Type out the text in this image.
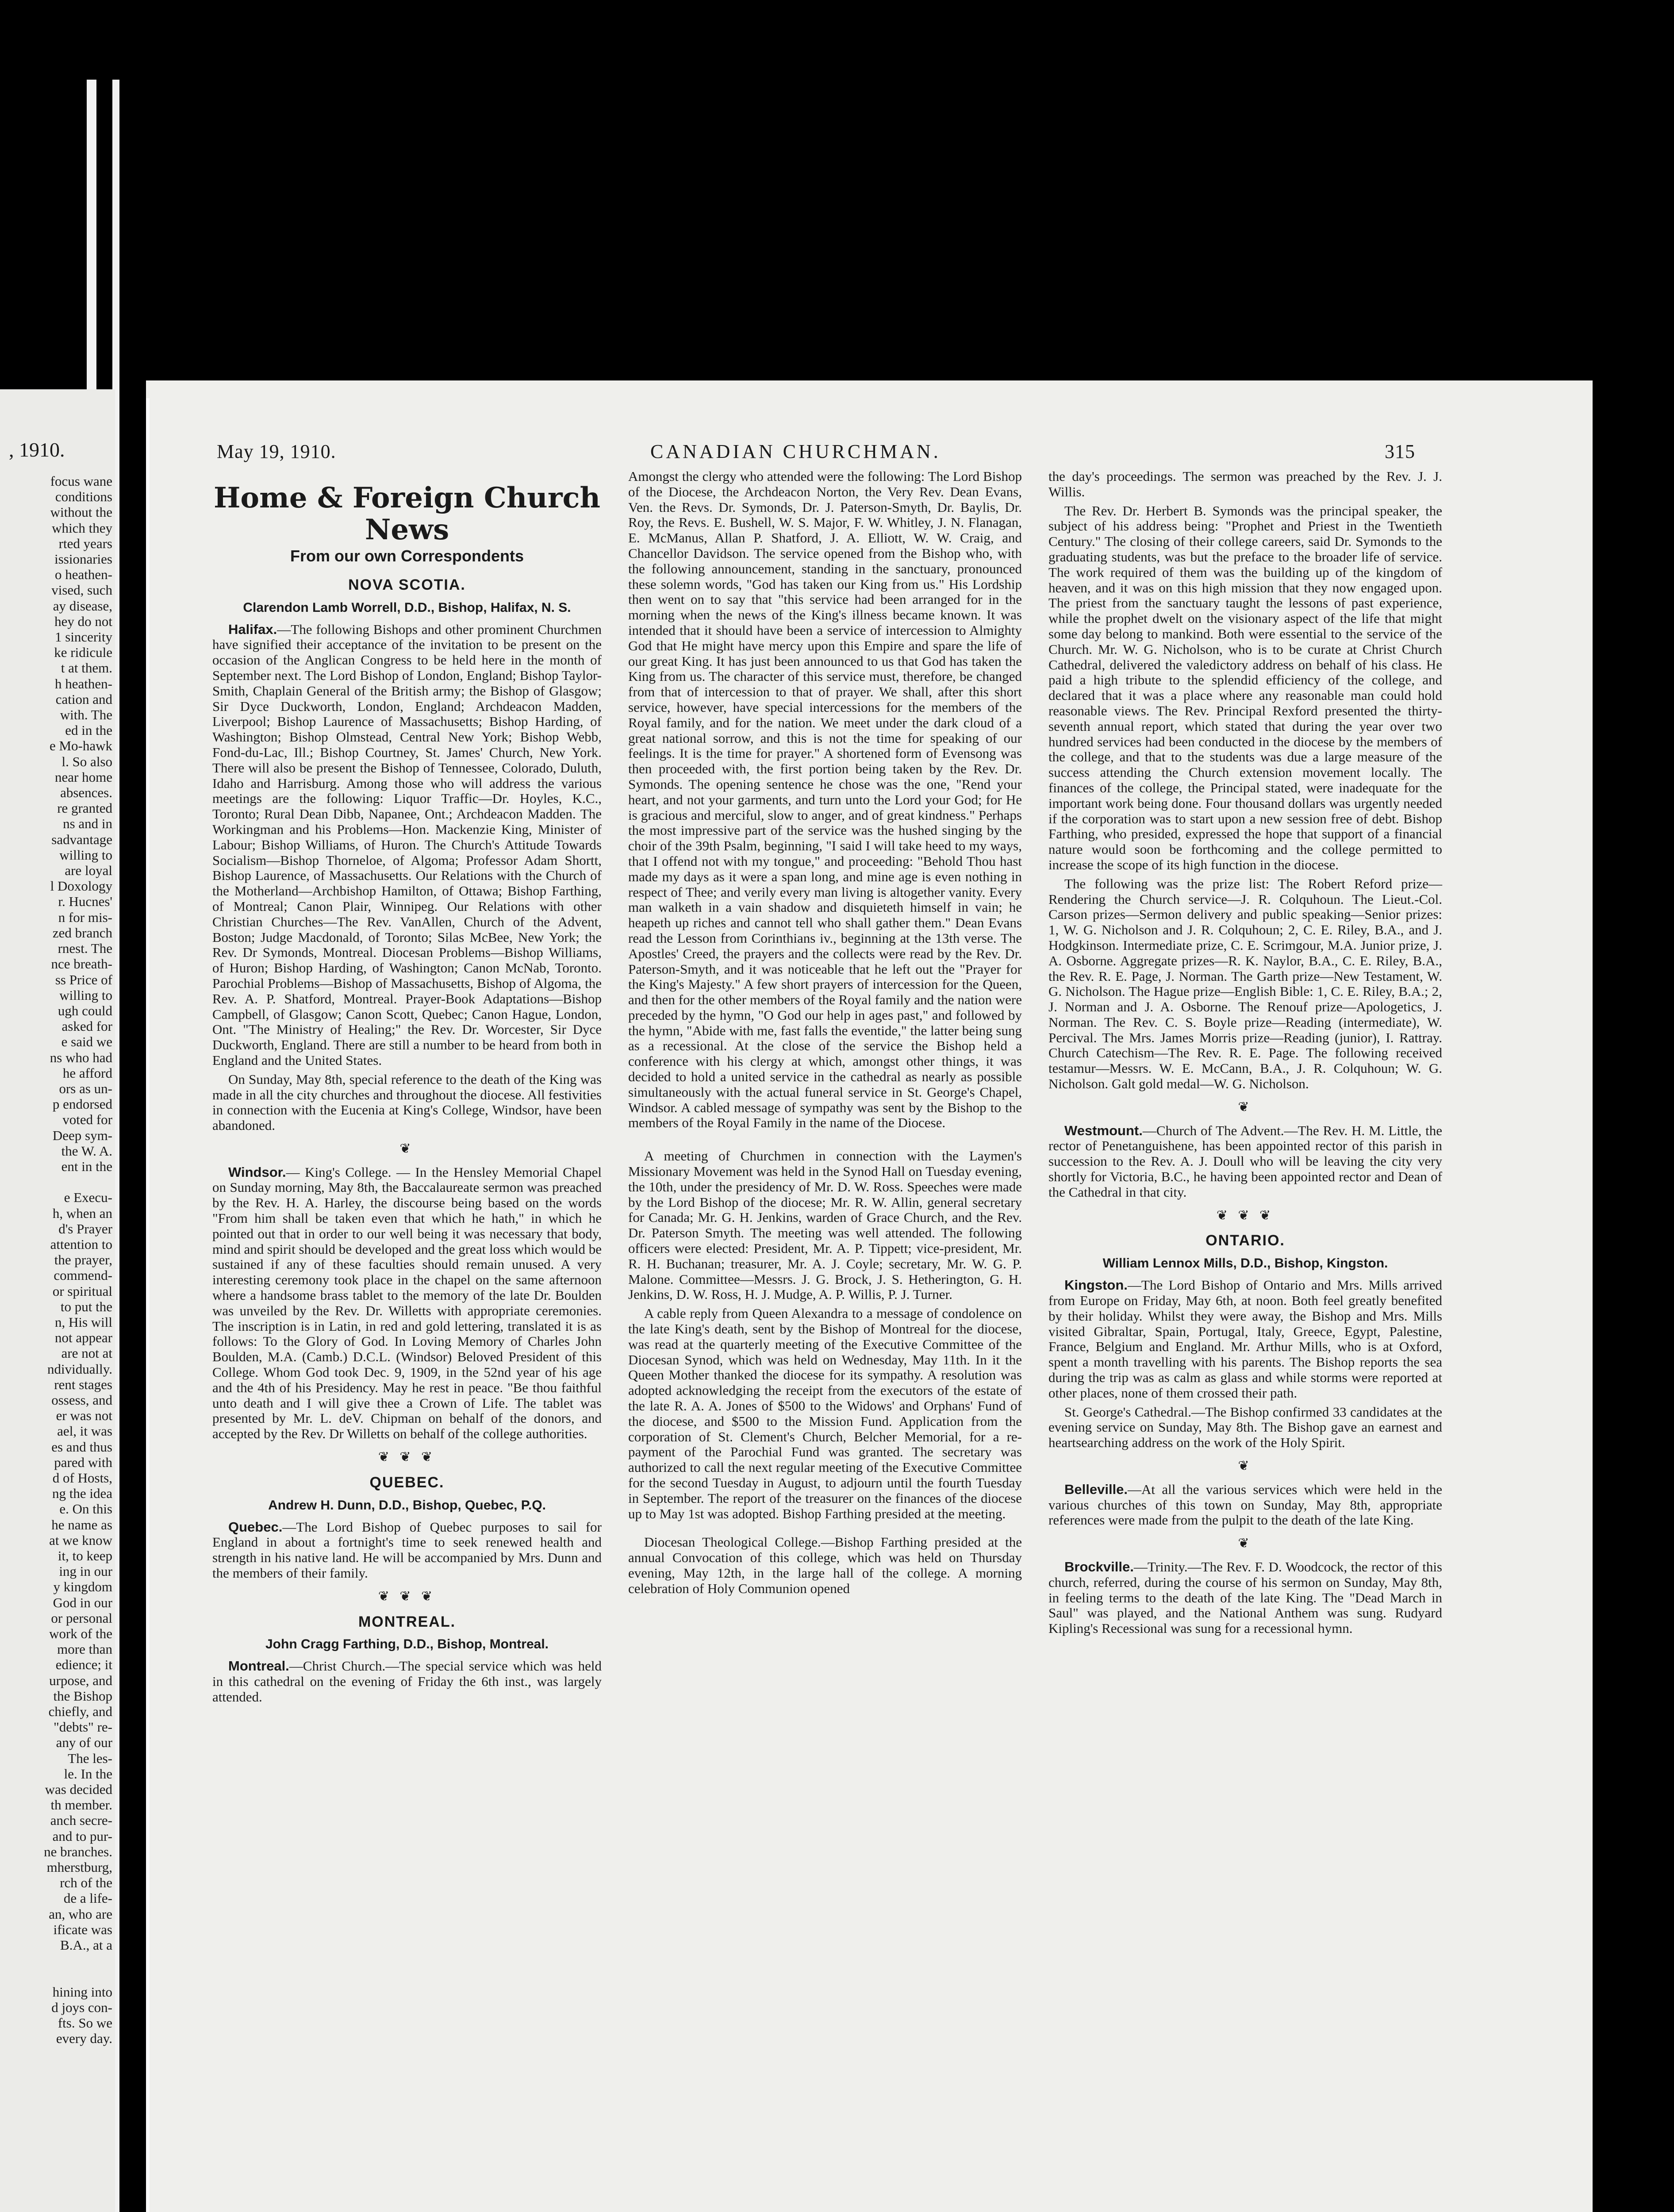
, 1910.
focus wane
conditions
without the
which they
rted years
issionaries
o heathen-
vised, such
ay disease,
hey do not
1 sincerity
ke ridicule
t at them.
h heathen-
cation and
with. The
ed in the
e Mo-hawk
l. So also
near home
absences.
re granted
ns and in
sadvantage
willing to
are loyal
l Doxology
r. Hucnes'
n for mis-
zed branch
rnest. The
nce breath-
ss Price of
willing to
ugh could
asked for
e said we
ns who had
he afford
ors as un-
p endorsed
voted for
Deep sym-
the W. A.
ent in the

e Execu-
h, when an
d's Prayer
attention to
the prayer,
commend-
or spiritual
to put the
n, His will
not appear
are not at
ndividually.
rent stages
ossess, and
er was not
ael, it was
es and thus
pared with
d of Hosts,
ng the idea
e. On this
he name as
at we know
it, to keep
ing in our
y kingdom
God in our
or personal
work of the
more than
edience; it
urpose, and
the Bishop
chiefly, and
"debts" re-
any of our
The les-
le. In the
was decided
th member.
anch secre-
and to pur-
ne branches.
mherstburg,
rch of the
de a life-
an, who are
ificate was
B.A., at a

hining into
d joys con-
fts. So we
every day.
May 19, 1910.	CANADIAN CHURCHMAN.	315
Home & Foreign Church News
From our own Correspondents
NOVA SCOTIA.
Clarendon Lamb Worrell, D.D., Bishop, Halifax, N. S.

Halifax.—The following Bishops and other prominent Churchmen have signified their acceptance of the invitation to be present on the occasion of the Anglican Congress to be held here in the month of September next. The Lord Bishop of London, England; Bishop Taylor-Smith, Chaplain General of the British army; the Bishop of Glasgow; Sir Dyce Duckworth, London, England; Archdeacon Madden, Liverpool; Bishop Laurence of Massachusetts; Bishop Harding, of Washington; Bishop Olmstead, Central New York; Bishop Webb, Fond-du-Lac, Ill.; Bishop Courtney, St. James' Church, New York. There will also be present the Bishop of Tennessee, Colorado, Duluth, Idaho and Harrisburg. Among those who will address the various meetings are the following: Liquor Traffic—Dr. Hoyles, K.C., Toronto; Rural Dean Dibb, Napanee, Ont.; Archdeacon Madden. The Workingman and his Problems—Hon. Mackenzie King, Minister of Labour; Bishop Williams, of Huron. The Church's Attitude Towards Socialism—Bishop Thorneloe, of Algoma; Professor Adam Shortt, Bishop Laurence, of Massachusetts. Our Relations with the Church of the Motherland—Archbishop Hamilton, of Ottawa; Bishop Farthing, of Montreal; Canon Plair, Winnipeg. Our Relations with other Christian Churches—The Rev. VanAllen, Church of the Advent, Boston; Judge Macdonald, of Toronto; Silas McBee, New York; the Rev. Dr Symonds, Montreal. Diocesan Problems—Bishop Williams, of Huron; Bishop Harding, of Washington; Canon McNab, Toronto. Parochial Problems—Bishop of Massachusetts, Bishop of Algoma, the Rev. A. P. Shatford, Montreal. Prayer-Book Adaptations—Bishop Campbell, of Glasgow; Canon Scott, Quebec; Canon Hague, London, Ont. "The Ministry of Healing;" the Rev. Dr. Worcester, Sir Dyce Duckworth, England. There are still a number to be heard from both in England and the United States.

On Sunday, May 8th, special reference to the death of the King was made in all the city churches and throughout the diocese. All festivities in connection with the Eucenia at King's College, Windsor, have been abandoned.

❦

Windsor.— King's College. — In the Hensley Memorial Chapel on Sunday morning, May 8th, the Baccalaureate sermon was preached by the Rev. H. A. Harley, the discourse being based on the words "From him shall be taken even that which he hath," in which he pointed out that in order to our well being it was necessary that body, mind and spirit should be developed and the great loss which would be sustained if any of these faculties should remain unused. A very interesting ceremony took place in the chapel on the same afternoon where a handsome brass tablet to the memory of the late Dr. Boulden was unveiled by the Rev. Dr. Willetts with appropriate ceremonies. The inscription is in Latin, in red and gold lettering, translated it is as follows: To the Glory of God. In Loving Memory of Charles John Boulden, M.A. (Camb.) D.C.L. (Windsor) Beloved President of this College. Whom God took Dec. 9, 1909, in the 52nd year of his age and the 4th of his Presidency. May he rest in peace. "Be thou faithful unto death and I will give thee a Crown of Life. The tablet was presented by Mr. L. deV. Chipman on behalf of the donors, and accepted by the Rev. Dr Willetts on behalf of the college authorities.

❦ ❦ ❦
QUEBEC.
Andrew H. Dunn, D.D., Bishop, Quebec, P.Q.

Quebec.—The Lord Bishop of Quebec purposes to sail for England in about a fortnight's time to seek renewed health and strength in his native land. He will be accompanied by Mrs. Dunn and the members of their family.

❦ ❦ ❦
MONTREAL.
John Cragg Farthing, D.D., Bishop, Montreal.

Montreal.—Christ Church.—The special service which was held in this cathedral on the evening of Friday the 6th inst., was largely attended.

Amongst the clergy who attended were the following: The Lord Bishop of the Diocese, the Archdeacon Norton, the Very Rev. Dean Evans, Ven. the Revs. Dr. Symonds, Dr. J. Paterson-Smyth, Dr. Baylis, Dr. Roy, the Revs. E. Bushell, W. S. Major, F. W. Whitley, J. N. Flanagan, E. McManus, Allan P. Shatford, J. A. Elliott, W. W. Craig, and Chancellor Davidson. The service opened from the Bishop who, with the following announcement, standing in the sanctuary, pronounced these solemn words, "God has taken our King from us." His Lordship then went on to say that "this service had been arranged for in the morning when the news of the King's illness became known. It was intended that it should have been a service of intercession to Almighty God that He might have mercy upon this Empire and spare the life of our great King. It has just been announced to us that God has taken the King from us. The character of this service must, therefore, be changed from that of intercession to that of prayer. We shall, after this short service, however, have special intercessions for the members of the Royal family, and for the nation. We meet under the dark cloud of a great national sorrow, and this is not the time for speaking of our feelings. It is the time for prayer." A shortened form of Evensong was then proceeded with, the first portion being taken by the Rev. Dr. Symonds. The opening sentence he chose was the one, "Rend your heart, and not your garments, and turn unto the Lord your God; for He is gracious and merciful, slow to anger, and of great kindness." Perhaps the most impressive part of the service was the hushed singing by the choir of the 39th Psalm, beginning, "I said I will take heed to my ways, that I offend not with my tongue," and proceeding: "Behold Thou hast made my days as it were a span long, and mine age is even nothing in respect of Thee; and verily every man living is altogether vanity. Every man walketh in a vain shadow and disquieteth himself in vain; he heapeth up riches and cannot tell who shall gather them." Dean Evans read the Lesson from Corinthians iv., beginning at the 13th verse. The Apostles' Creed, the prayers and the collects were read by the Rev. Dr. Paterson-Smyth, and it was noticeable that he left out the "Prayer for the King's Majesty." A few short prayers of intercession for the Queen, and then for the other members of the Royal family and the nation were preceded by the hymn, "O God our help in ages past," and followed by the hymn, "Abide with me, fast falls the eventide," the latter being sung as a recessional. At the close of the service the Bishop held a conference with his clergy at which, amongst other things, it was decided to hold a united service in the cathedral as nearly as possible simultaneously with the actual funeral service in St. George's Chapel, Windsor. A cabled message of sympathy was sent by the Bishop to the members of the Royal Family in the name of the Diocese.

A meeting of Churchmen in connection with the Laymen's Missionary Movement was held in the Synod Hall on Tuesday evening, the 10th, under the presidency of Mr. D. W. Ross. Speeches were made by the Lord Bishop of the diocese; Mr. R. W. Allin, general secretary for Canada; Mr. G. H. Jenkins, warden of Grace Church, and the Rev. Dr. Paterson Smyth. The meeting was well attended. The following officers were elected: President, Mr. A. P. Tippett; vice-president, Mr. R. H. Buchanan; treasurer, Mr. A. J. Coyle; secretary, Mr. W. G. P. Malone. Committee—Messrs. J. G. Brock, J. S. Hetherington, G. H. Jenkins, D. W. Ross, H. J. Mudge, A. P. Willis, P. J. Turner.

A cable reply from Queen Alexandra to a message of condolence on the late King's death, sent by the Bishop of Montreal for the diocese, was read at the quarterly meeting of the Executive Committee of the Diocesan Synod, which was held on Wednesday, May 11th. In it the Queen Mother thanked the diocese for its sympathy. A resolution was adopted acknowledging the receipt from the executors of the estate of the late R. A. A. Jones of $500 to the Widows' and Orphans' Fund of the diocese, and $500 to the Mission Fund. Application from the corporation of St. Clement's Church, Belcher Memorial, for a re-payment of the Parochial Fund was granted. The secretary was authorized to call the next regular meeting of the Executive Committee for the second Tuesday in August, to adjourn until the fourth Tuesday in September. The report of the treasurer on the finances of the diocese up to May 1st was adopted. Bishop Farthing presided at the meeting.

Diocesan Theological College.—Bishop Farthing presided at the annual Convocation of this college, which was held on Thursday evening, May 12th, in the large hall of the college. A morning celebration of Holy Communion opened

the day's proceedings. The sermon was preached by the Rev. J. J. Willis.

The Rev. Dr. Herbert B. Symonds was the principal speaker, the subject of his address being: "Prophet and Priest in the Twentieth Century." The closing of their college careers, said Dr. Symonds to the graduating students, was but the preface to the broader life of service. The work required of them was the building up of the kingdom of heaven, and it was on this high mission that they now engaged upon. The priest from the sanctuary taught the lessons of past experience, while the prophet dwelt on the visionary aspect of the life that might some day belong to mankind. Both were essential to the service of the Church. Mr. W. G. Nicholson, who is to be curate at Christ Church Cathedral, delivered the valedictory address on behalf of his class. He paid a high tribute to the splendid efficiency of the college, and declared that it was a place where any reasonable man could hold reasonable views. The Rev. Principal Rexford presented the thirty-seventh annual report, which stated that during the year over two hundred services had been conducted in the diocese by the members of the college, and that to the students was due a large measure of the success attending the Church extension movement locally. The finances of the college, the Principal stated, were inadequate for the important work being done. Four thousand dollars was urgently needed if the corporation was to start upon a new session free of debt. Bishop Farthing, who presided, expressed the hope that support of a financial nature would soon be forthcoming and the college permitted to increase the scope of its high function in the diocese.

The following was the prize list: The Robert Reford prize—Rendering the Church service—J. R. Colquhoun. The Lieut.-Col. Carson prizes—Sermon delivery and public speaking—Senior prizes: 1, W. G. Nicholson and J. R. Colquhoun; 2, C. E. Riley, B.A., and J. Hodgkinson. Intermediate prize, C. E. Scrimgour, M.A. Junior prize, J. A. Osborne. Aggregate prizes—R. K. Naylor, B.A., C. E. Riley, B.A., the Rev. R. E. Page, J. Norman. The Garth prize—New Testament, W. G. Nicholson. The Hague prize—English Bible: 1, C. E. Riley, B.A.; 2, J. Norman and J. A. Osborne. The Renouf prize—Apologetics, J. Norman. The Rev. C. S. Boyle prize—Reading (intermediate), W. Percival. The Mrs. James Morris prize—Reading (junior), I. Rattray. Church Catechism—The Rev. R. E. Page. The following received testamur—Messrs. W. E. McCann, B.A., J. R. Colquhoun; W. G. Nicholson. Galt gold medal—W. G. Nicholson.

❦

Westmount.—Church of The Advent.—The Rev. H. M. Little, the rector of Penetanguishene, has been appointed rector of this parish in succession to the Rev. A. J. Doull who will be leaving the city very shortly for Victoria, B.C., he having been appointed rector and Dean of the Cathedral in that city.

❦ ❦ ❦
ONTARIO.
William Lennox Mills, D.D., Bishop, Kingston.

Kingston.—The Lord Bishop of Ontario and Mrs. Mills arrived from Europe on Friday, May 6th, at noon. Both feel greatly benefited by their holiday. Whilst they were away, the Bishop and Mrs. Mills visited Gibraltar, Spain, Portugal, Italy, Greece, Egypt, Palestine, France, Belgium and England. Mr. Arthur Mills, who is at Oxford, spent a month travelling with his parents. The Bishop reports the sea during the trip was as calm as glass and while storms were reported at other places, none of them crossed their path.

St. George's Cathedral.—The Bishop confirmed 33 candidates at the evening service on Sunday, May 8th. The Bishop gave an earnest and heartsearching address on the work of the Holy Spirit.

❦

Belleville.—At all the various services which were held in the various churches of this town on Sunday, May 8th, appropriate references were made from the pulpit to the death of the late King.

❦

Brockville.—Trinity.—The Rev. F. D. Woodcock, the rector of this church, referred, during the course of his sermon on Sunday, May 8th, in feeling terms to the death of the late King. The "Dead March in Saul" was played, and the National Anthem was sung. Rudyard Kipling's Recessional was sung for a recessional hymn.
